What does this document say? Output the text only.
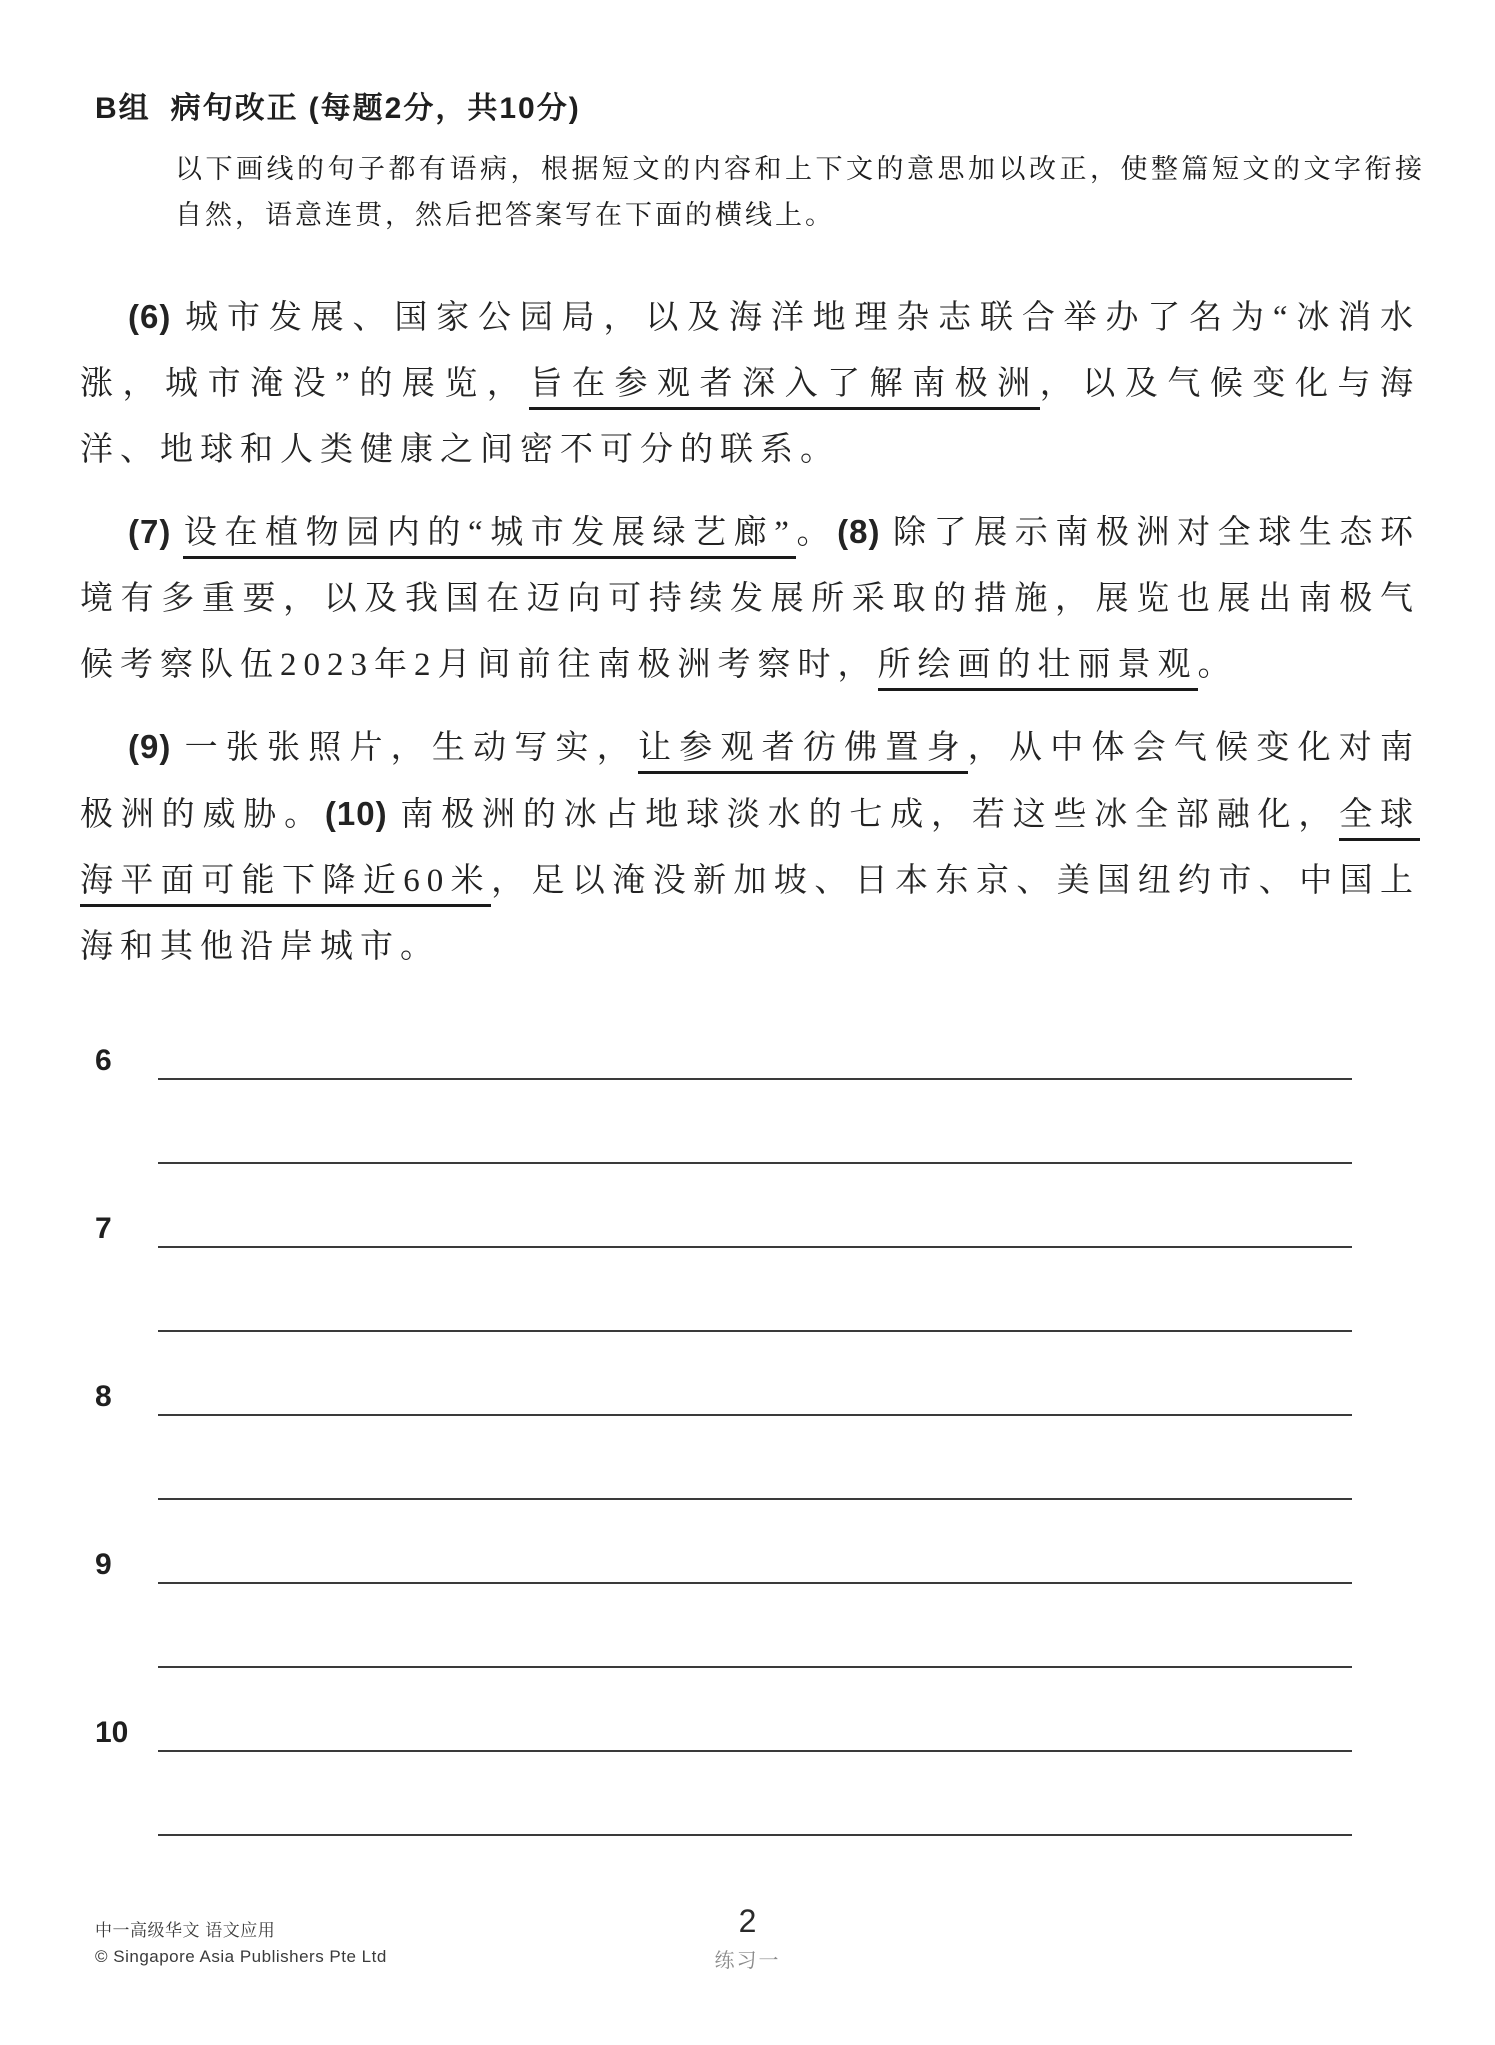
B组 病句改正 (每题2分，共10分)

以下画线的句子都有语病，根据短文的内容和上下文的意思加以改正，使整篇短文的文字衔接自然，语意连贯，然后把答案写在下面的横线上。

(6) 城市发展、国家公园局，以及海洋地理杂志联合举办了名为“冰消水涨，城市淹没”的展览，旨在参观者深入了解南极洲，以及气候变化与海洋、地球和人类健康之间密不可分的联系。

(7) 设在植物园内的“城市发展绿艺廊”。(8) 除了展示南极洲对全球生态环境有多重要，以及我国在迈向可持续发展所采取的措施，展览也展出南极气候考察队伍2023年2月间前往南极洲考察时，所绘画的壮丽景观。

(9) 一张张照片，生动写实，让参观者彷佛置身，从中体会气候变化对南极洲的威胁。(10) 南极洲的冰占地球淡水的七成，若这些冰全部融化，全球海平面可能下降近60米，足以淹没新加坡、日本东京、美国纽约市、中国上海和其他沿岸城市。

6
7
8
9
10
中一高级华文 语文应用
© Singapore Asia Publishers Pte Ltd
2
练习一
